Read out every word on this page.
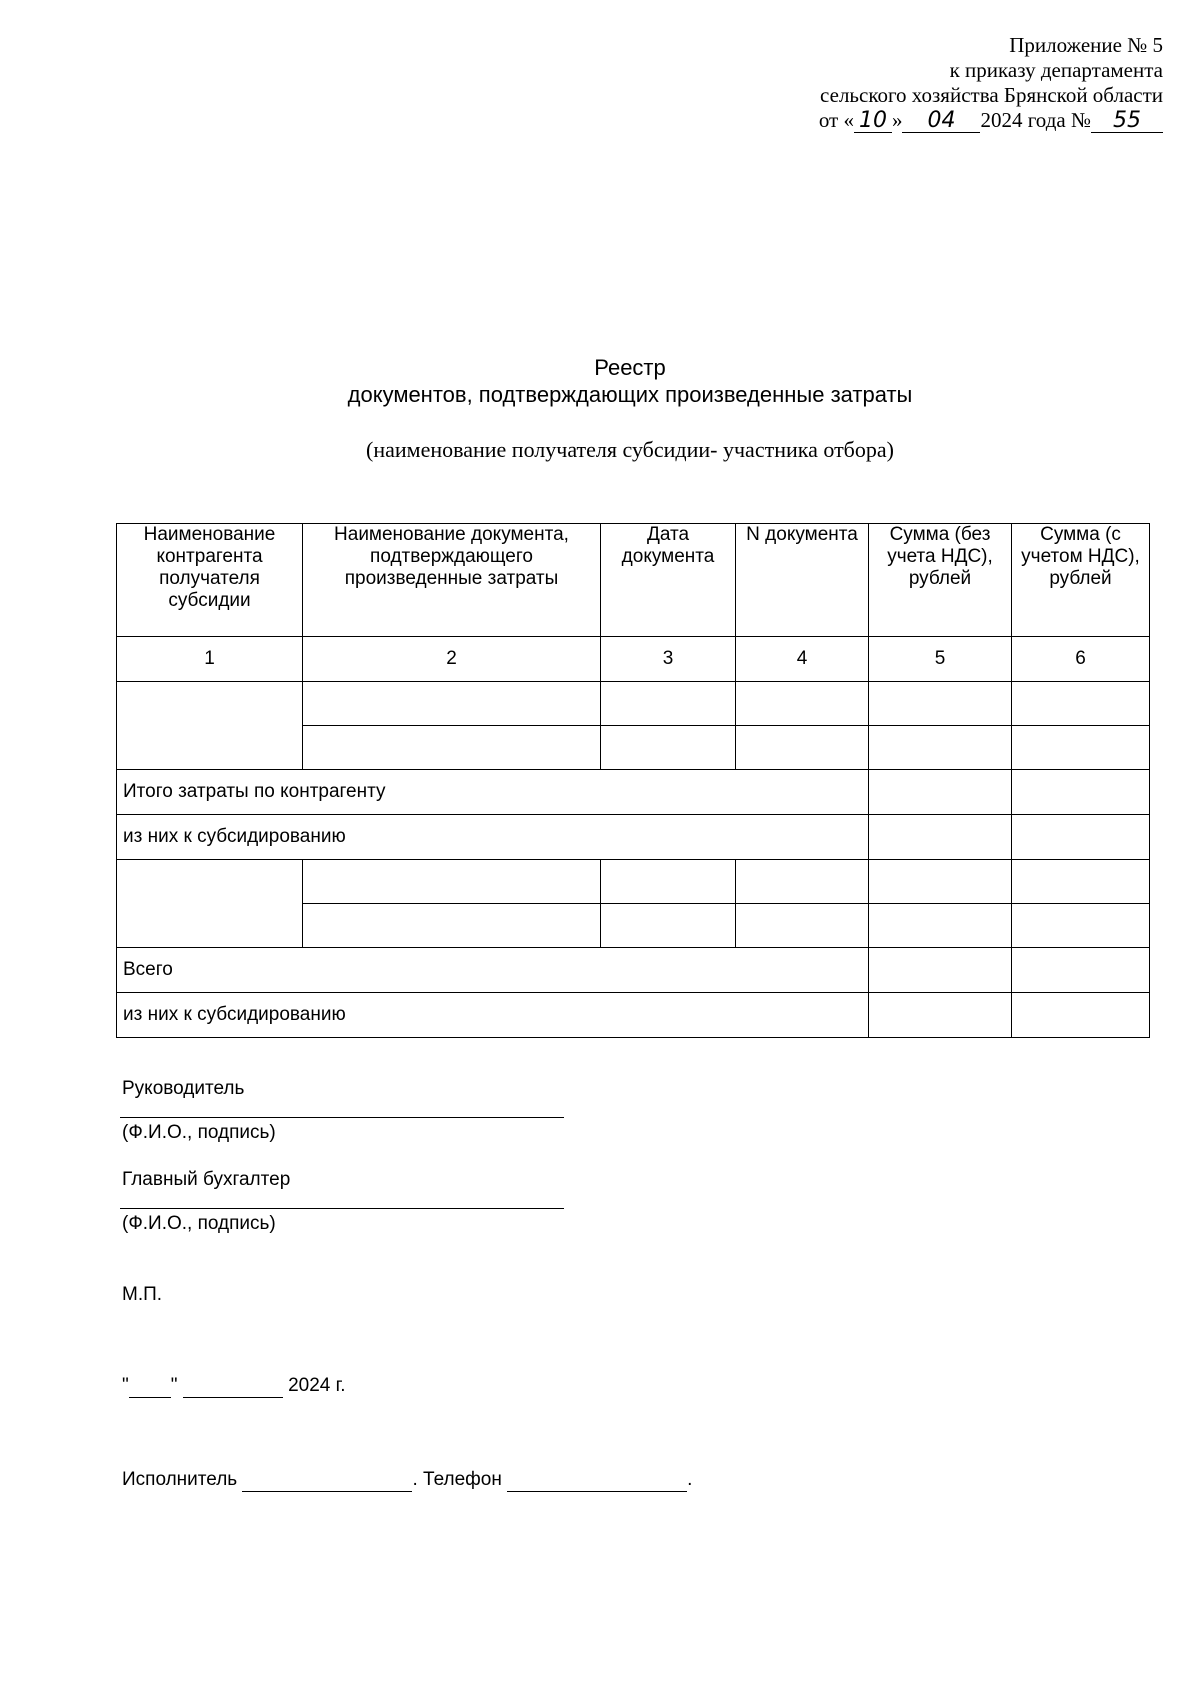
Приложение № 5
к приказу департамента
сельского хозяйства Брянской области
от « 10 » 04 2024 года № 55
Реестр
документов, подтверждающих произведенные затраты
(наименование получателя субсидии- участника отбора)
Наименование контрагента получателя субсидии	Наименование документа, подтверждающего произведенные затраты	Дата документа	N документа	Сумма (без учета НДС), рублей	Сумма (с учетом НДС), рублей
1	2	3	4	5	6

Итого затраты по контрагенту					
из них к субсидированию					

Всего					
из них к субсидированию					
Руководитель
(Ф.И.О., подпись)
Главный бухгалтер
(Ф.И.О., подпись)
М.П.
" "	2024 г.
Исполнитель	. Телефон	.
